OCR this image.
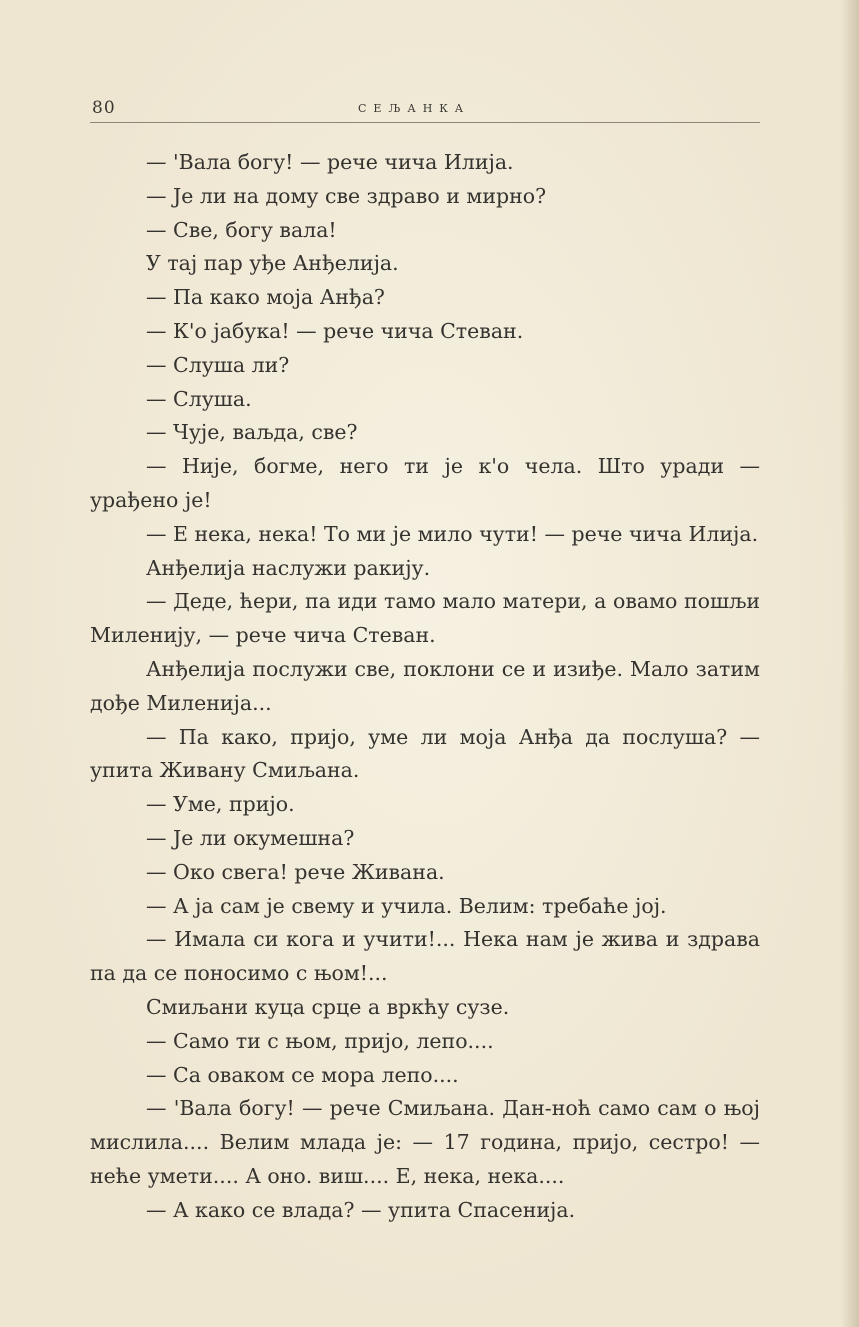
80	СЕЉАНКА

— 'Вала богу! — рече чича Илија.

— Је ли на дому све здраво и мирно?

— Све, богу вала!

У тај пар уђе Анђелија.

— Па како моја Анђа?

— К'о јабука! — рече чича Стеван.

— Слуша ли?

— Слуша.

— Чује, ваљда, све?

— Није, богме, него ти је к'о чела. Што уради — урађено је!

— Е нека, нека! То ми је мило чути! — рече чича Илија.

Анђелија наслужи ракију.

— Деде, ћери, па иди тамо мало матери, а овамо пошљи Миленију, — рече чича Стеван.

Анђелија послужи све, поклони се и изиђе. Мало затим дође Миленија...

— Па како, пријо, уме ли моја Анђа да послуша? — упита Живану Смиљана.

— Уме, пријо.

— Је ли окумешна?

— Око свега! рече Живана.

— А ја сам је свему и учила. Велим: требаће јој.

— Имала си кога и учити!... Нека нам је жива и здрава па да се поносимо с њом!...

Смиљани куца срце а вркћу сузе.

— Само ти с њом, пријо, лепо....

— Са оваком се мора лепо....

— 'Вала богу! — рече Смиљана. Дан-ноћ само сам о њој мислила.... Велим млада је: — 17 година, пријо, сестро! — неће умети.... А оно. виш.... Е, нека, нека....

— А како се влада? — упита Спасенија.
